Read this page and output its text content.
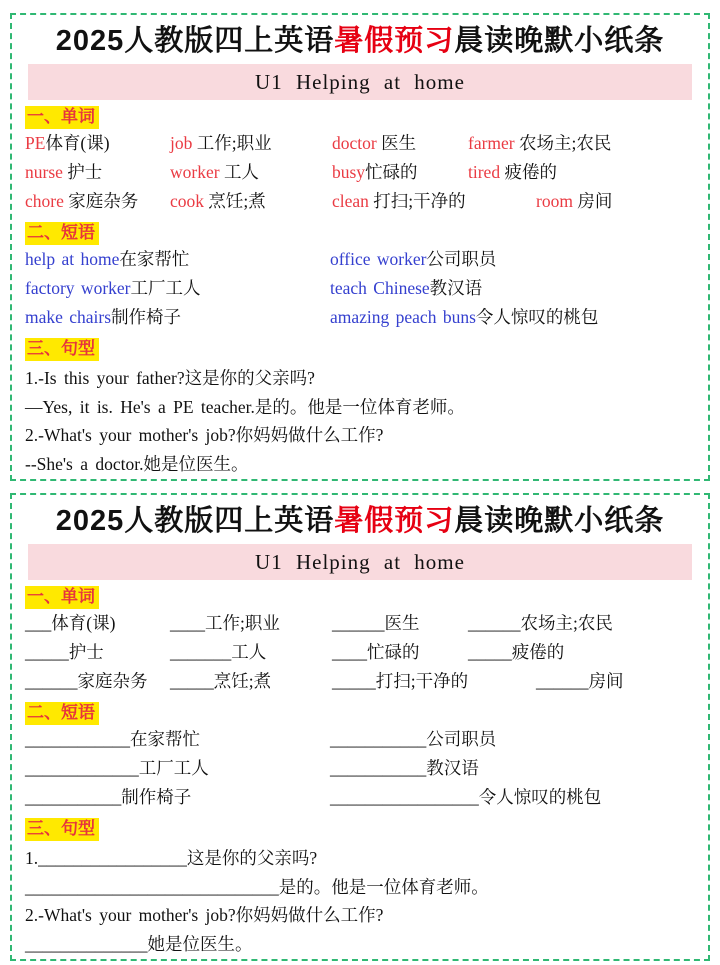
2025人教版四上英语暑假预习晨读晚默小纸条
U1 Helping at home
一、单词
PE体育(课)	job 工作;职业	doctor 医生	farmer 农场主;农民
nurse 护士	worker 工人	busy忙碌的	tired 疲倦的
chore 家庭杂务	cook 烹饪;煮	clean 打扫;干净的	room 房间
二、短语
help at home在家帮忙	office worker公司职员
factory worker工厂工人	teach Chinese教汉语
make chairs制作椅子	amazing peach buns令人惊叹的桃包
三、句型
1.-Is this your father?这是你的父亲吗?
—Yes, it is. He's a PE teacher.是的。他是一位体育老师。
2.-What's your mother's job?你妈妈做什么工作?
--She's a doctor.她是位医生。
2025人教版四上英语暑假预习晨读晚默小纸条
U1 Helping at home
一、单词
___体育(课)	____工作;职业	______医生	______农场主;农民
_____护士	_______工人	____忙碌的	_____疲倦的
______家庭杂务	_____烹饪;煮	_____打扫;干净的	______房间
二、短语
____________在家帮忙	___________公司职员
_____________工厂工人	___________教汉语
___________制作椅子	_________________令人惊叹的桃包
三、句型
1._________________这是你的父亲吗?
_____________________________是的。他是一位体育老师。
2.-What's your mother's job?你妈妈做什么工作?
______________她是位医生。
